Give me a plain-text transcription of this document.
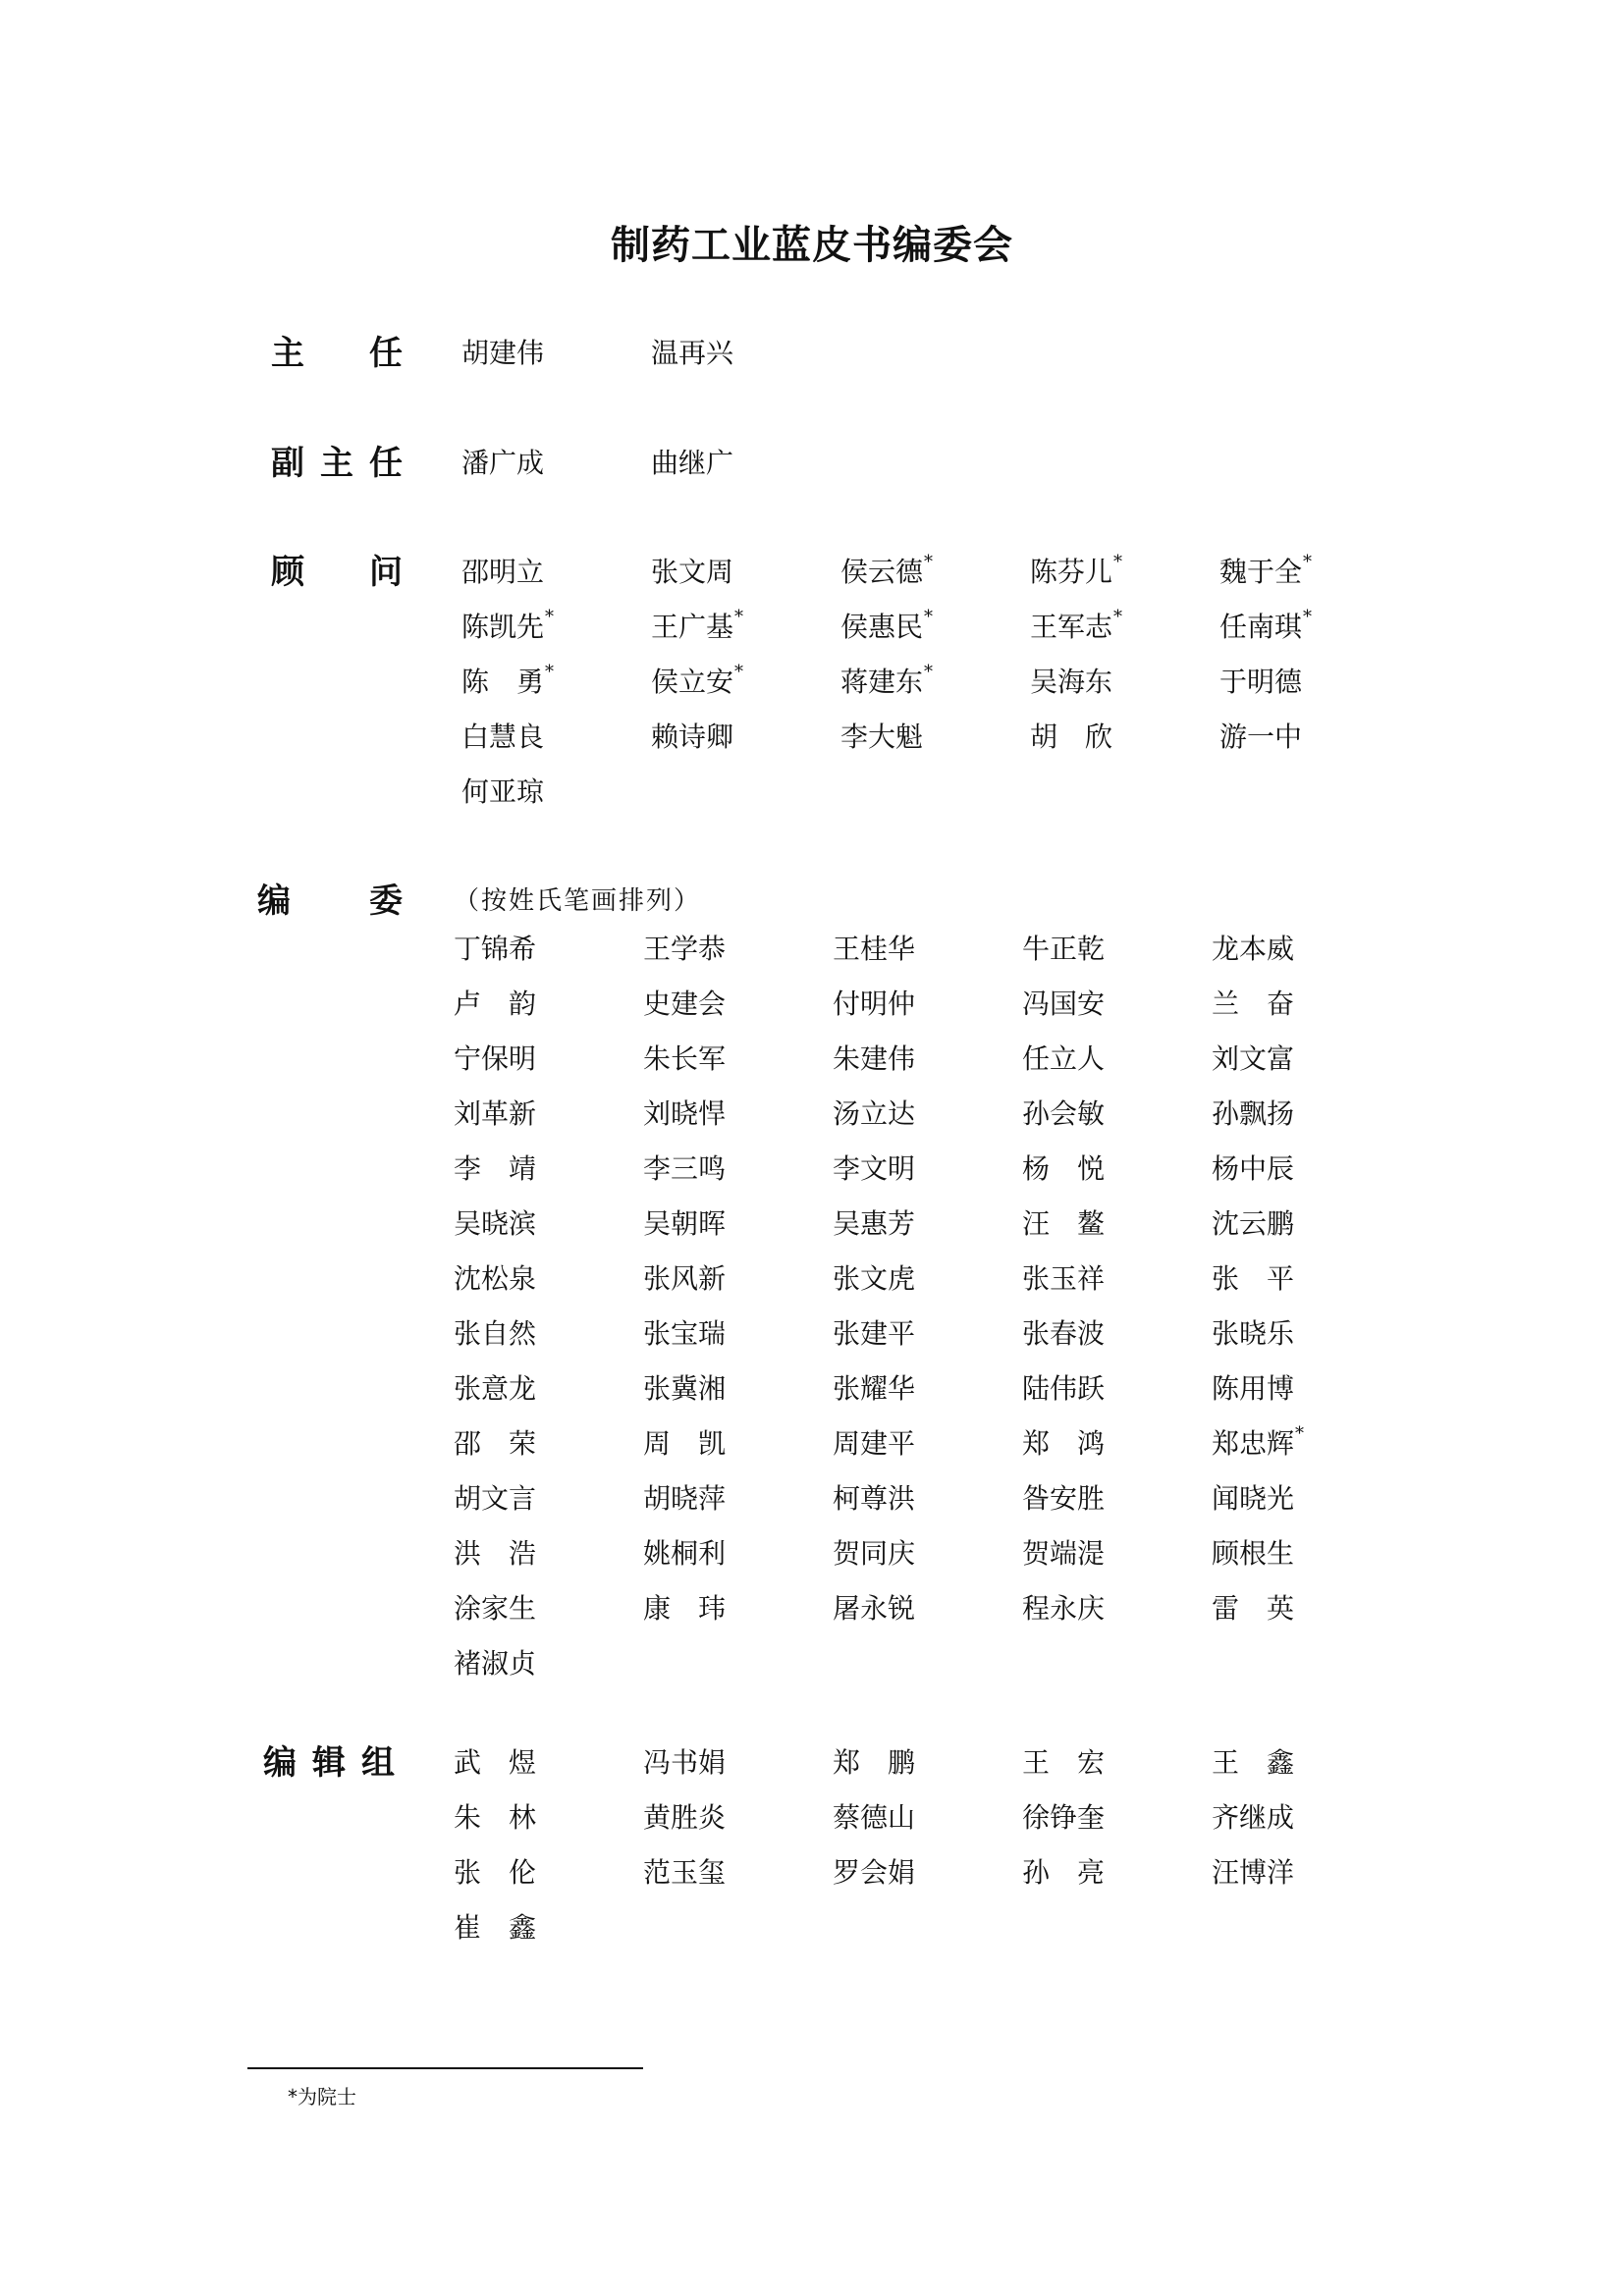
制药工业蓝皮书编委会
主 任 胡建伟	温再兴
副 主 任 潘广成	曲继广
顾 问 邵明立	张文周	侯云德*	陈芬儿*	魏于全*
陈凯先*	王广基*	侯惠民*	王军志*	任南琪*
陈　勇*	侯立安*	蒋建东*	吴海东	于明德
白慧良	赖诗卿	李大魁	胡　欣	游一中
何亚琼
编 委 （按姓氏笔画排列）
丁锦希	王学恭	王桂华	牛正乾	龙本威
卢　韵	史建会	付明仲	冯国安	兰　奋
宁保明	朱长军	朱建伟	任立人	刘文富
刘革新	刘晓悍	汤立达	孙会敏	孙飘扬
李　靖	李三鸣	李文明	杨　悦	杨中辰
吴晓滨	吴朝晖	吴惠芳	汪　鳌	沈云鹏
沈松泉	张风新	张文虎	张玉祥	张　平
张自然	张宝瑞	张建平	张春波	张晓乐
张意龙	张冀湘	张耀华	陆伟跃	陈用博
邵　荣	周　凯	周建平	郑　鸿	郑忠辉*
胡文言	胡晓萍	柯尊洪	昝安胜	闻晓光
洪　浩	姚桐利	贺同庆	贺端湜	顾根生
涂家生	康　玮	屠永锐	程永庆	雷　英
褚淑贞
编 辑 组 武　煜	冯书娟	郑　鹏	王　宏	王　鑫
朱　林	黄胜炎	蔡德山	徐铮奎	齐继成
张　伦	范玉玺	罗会娟	孙　亮	汪博洋
崔　鑫
*为院士
